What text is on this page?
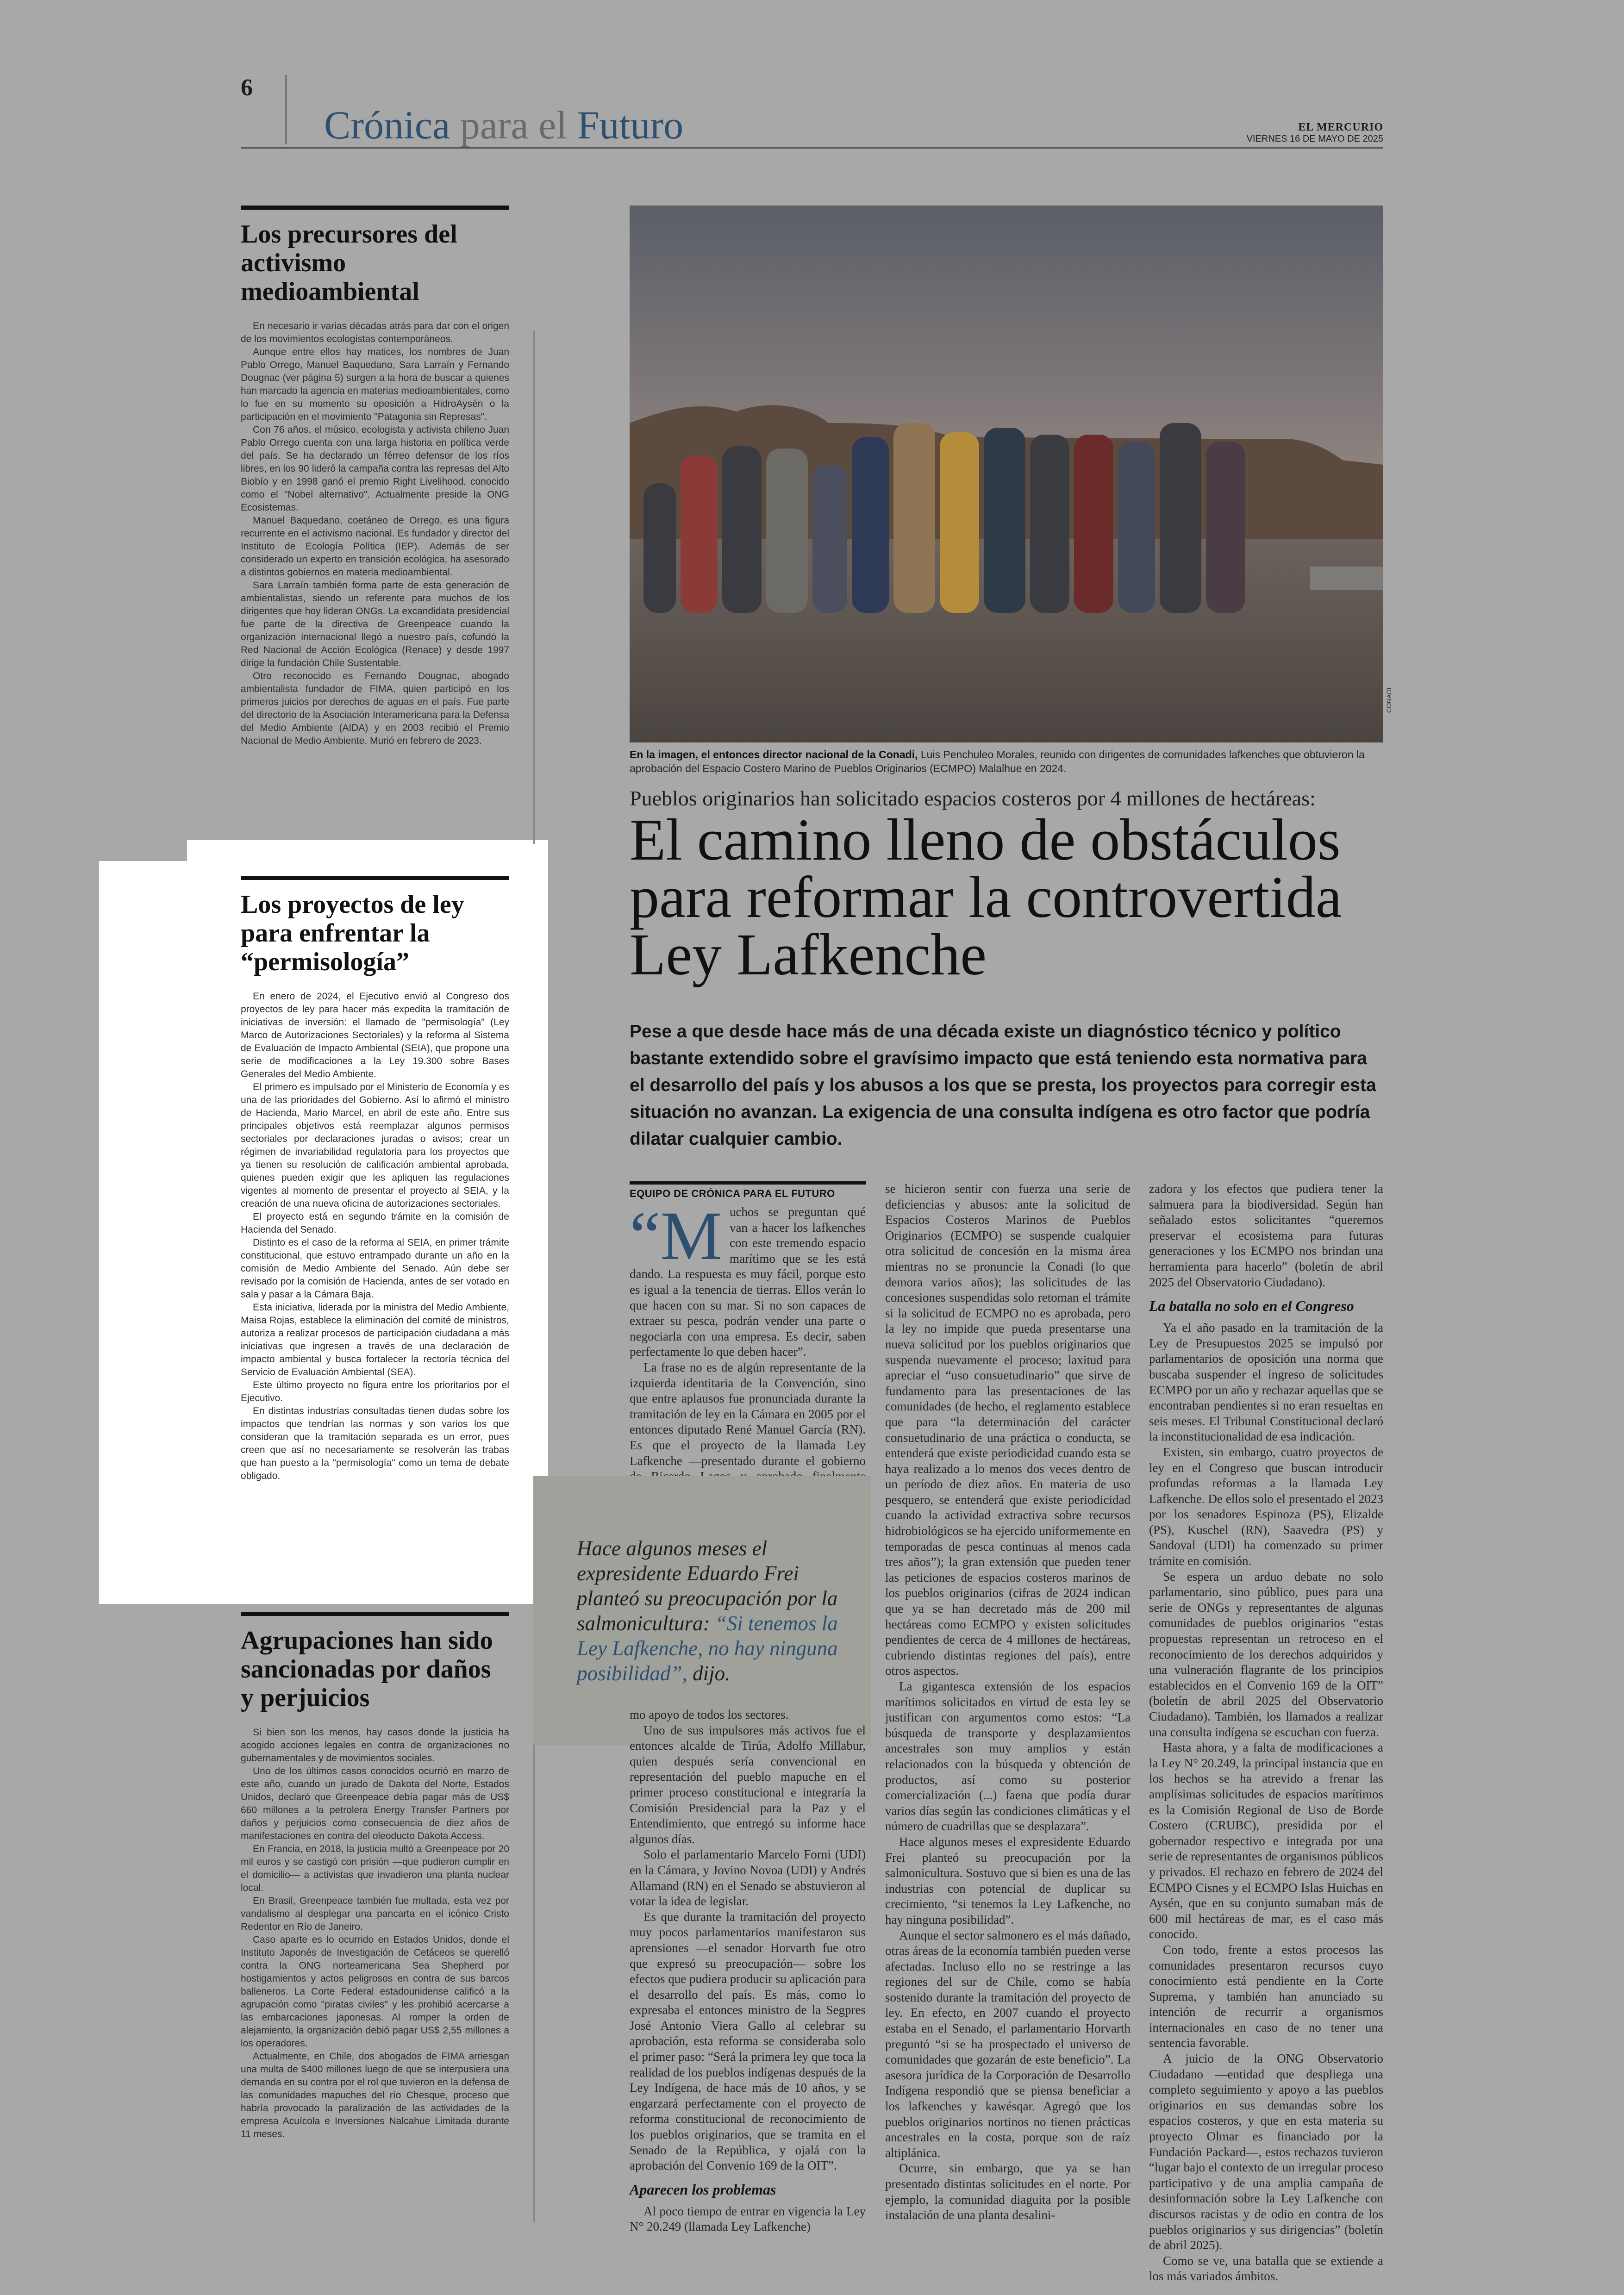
6
Crónica para el Futuro	EL MERCURIO
VIERNES 16 DE MAYO DE 2025
Los precursores del activismo medioambiental

En necesario ir varias décadas atrás para dar con el origen de los movimientos ecologistas contemporáneos.

Aunque entre ellos hay matices, los nombres de Juan Pablo Orrego, Manuel Baquedano, Sara Larraín y Fernando Dougnac (ver página 5) surgen a la hora de buscar a quienes han marcado la agencia en materias medioambientales, como lo fue en su momento su oposición a HidroAysén o la participación en el movimiento "Patagonia sin Represas".

Con 76 años, el músico, ecologista y activista chileno Juan Pablo Orrego cuenta con una larga historia en política verde del país. Se ha declarado un férreo defensor de los ríos libres, en los 90 lideró la campaña contra las represas del Alto Biobío y en 1998 ganó el premio Right Livelihood, conocido como el "Nobel alternativo". Actualmente preside la ONG Ecosistemas.

Manuel Baquedano, coetáneo de Orrego, es una figura recurrente en el activismo nacional. Es fundador y director del Instituto de Ecología Política (IEP). Además de ser considerado un experto en transición ecológica, ha asesorado a distintos gobiernos en materia medioambiental.

Sara Larraín también forma parte de esta generación de ambientalistas, siendo un referente para muchos de los dirigentes que hoy lideran ONGs. La excandidata presidencial fue parte de la directiva de Greenpeace cuando la organización internacional llegó a nuestro país, cofundó la Red Nacional de Acción Ecológica (Renace) y desde 1997 dirige la fundación Chile Sustentable.

Otro reconocido es Fernando Dougnac, abogado ambientalista fundador de FIMA, quien participó en los primeros juicios por derechos de aguas en el país. Fue parte del directorio de la Asociación Interamericana para la Defensa del Medio Ambiente (AIDA) y en 2003 recibió el Premio Nacional de Medio Ambiente. Murió en febrero de 2023.

Los proyectos de ley para enfrentar la “permisología”

En enero de 2024, el Ejecutivo envió al Congreso dos proyectos de ley para hacer más expedita la tramitación de iniciativas de inversión: el llamado de "permisología" (Ley Marco de Autorizaciones Sectoriales) y la reforma al Sistema de Evaluación de Impacto Ambiental (SEIA), que propone una serie de modificaciones a la Ley 19.300 sobre Bases Generales del Medio Ambiente.

El primero es impulsado por el Ministerio de Economía y es una de las prioridades del Gobierno. Así lo afirmó el ministro de Hacienda, Mario Marcel, en abril de este año. Entre sus principales objetivos está reemplazar algunos permisos sectoriales por declaraciones juradas o avisos; crear un régimen de invariabilidad regulatoria para los proyectos que ya tienen su resolución de calificación ambiental aprobada, quienes pueden exigir que les apliquen las regulaciones vigentes al momento de presentar el proyecto al SEIA, y la creación de una nueva oficina de autorizaciones sectoriales.

El proyecto está en segundo trámite en la comisión de Hacienda del Senado.

Distinto es el caso de la reforma al SEIA, en primer trámite constitucional, que estuvo entrampado durante un año en la comisión de Medio Ambiente del Senado. Aún debe ser revisado por la comisión de Hacienda, antes de ser votado en sala y pasar a la Cámara Baja.

Esta iniciativa, liderada por la ministra del Medio Ambiente, Maisa Rojas, establece la eliminación del comité de ministros, autoriza a realizar procesos de participación ciudadana a más iniciativas que ingresen a través de una declaración de impacto ambiental y busca fortalecer la rectoría técnica del Servicio de Evaluación Ambiental (SEA).

Este último proyecto no figura entre los prioritarios por el Ejecutivo.

En distintas industrias consultadas tienen dudas sobre los impactos que tendrían las normas y son varios los que consideran que la tramitación separada es un error, pues creen que así no necesariamente se resolverán las trabas que han puesto a la "permisología" como un tema de debate obligado.

Agrupaciones han sido sancionadas por daños y perjuicios

Si bien son los menos, hay casos donde la justicia ha acogido acciones legales en contra de organizaciones no gubernamentales y de movimientos sociales.

Uno de los últimos casos conocidos ocurrió en marzo de este año, cuando un jurado de Dakota del Norte, Estados Unidos, declaró que Greenpeace debía pagar más de US$ 660 millones a la petrolera Energy Transfer Partners por daños y perjuicios como consecuencia de diez años de manifestaciones en contra del oleoducto Dakota Access.

En Francia, en 2018, la justicia multó a Greenpeace por 20 mil euros y se castigó con prisión —que pudieron cumplir en el domicilio— a activistas que invadieron una planta nuclear local.

En Brasil, Greenpeace también fue multada, esta vez por vandalismo al desplegar una pancarta en el icónico Cristo Redentor en Río de Janeiro.

Caso aparte es lo ocurrido en Estados Unidos, donde el Instituto Japonés de Investigación de Cetáceos se querelló contra la ONG norteamericana Sea Shepherd por hostigamientos y actos peligrosos en contra de sus barcos balleneros. La Corte Federal estadounidense calificó a la agrupación como "piratas civiles" y les prohibió acercarse a las embarcaciones japonesas. Al romper la orden de alejamiento, la organización debió pagar US$ 2,55 millones a los operadores.

Actualmente, en Chile, dos abogados de FIMA arriesgan una multa de $400 millones luego de que se interpusiera una demanda en su contra por el rol que tuvieron en la defensa de las comunidades mapuches del río Chesque, proceso que habría provocado la paralización de las actividades de la empresa Acuícola e Inversiones Nalcahue Limitada durante 11 meses.

CONADI
En la imagen, el entonces director nacional de la Conadi, Luis Penchuleo Morales, reunido con dirigentes de comunidades lafkenches que obtuvieron la aprobación del Espacio Costero Marino de Pueblos Originarios (ECMPO) Malalhue en 2024.
Pueblos originarios han solicitado espacios costeros por 4 millones de hectáreas:
El camino lleno de obstáculos para reformar la controvertida Ley Lafkenche
Pese a que desde hace más de una década existe un diagnóstico técnico y político bastante extendido sobre el gravísimo impacto que está teniendo esta normativa para el desarrollo del país y los abusos a los que se presta, los proyectos para corregir esta situación no avanzan. La exigencia de una consulta indígena es otro factor que podría dilatar cualquier cambio.
EQUIPO DE CRÓNICA PARA EL FUTURO
“M uchos se preguntan qué van a hacer los lafkenches con este tremendo espacio marítimo que se les está dando. La respuesta es muy fácil, porque esto es igual a la tenencia de tierras. Ellos verán lo que hacen con su mar. Si no son capaces de extraer su pesca, podrán vender una parte o negociarla con una empresa. Es decir, saben perfectamente lo que deben hacer”.

La frase no es de algún representante de la izquierda identitaria de la Convención, sino que entre aplausos fue pronunciada durante la tramitación de ley en la Cámara en 2005 por el entonces diputado René Manuel García (RN). Es que el proyecto de la llamada Ley Lafkenche —presentado durante el gobierno

Hace algunos meses el expresidente Eduardo Frei planteó su preocupación por la salmonicultura: “Si tenemos la Ley Lafkenche, no hay ninguna posibilidad”, dijo.

mo apoyo de todos los sectores.

Uno de sus impulsores más activos fue el entonces alcalde de Tirúa, Adolfo Millabur, quien después sería convencional en representación del pueblo mapuche en el primer proceso constitucional e integraría la Comisión Presidencial para la Paz y el Entendimiento, que entregó su informe hace algunos días.

Solo el parlamentario Marcelo Forni (UDI) en la Cámara, y Jovino Novoa (UDI) y Andrés Allamand (RN) en el Senado se abstuvieron al votar la idea de legislar.

Es que durante la tramitación del proyecto muy pocos parlamentarios manifestaron sus aprensiones —el senador Horvarth fue otro que expresó su preocupación— sobre los efectos que pudiera producir su aplicación para el desarrollo del país. Es más, como lo expresaba el entonces ministro de la Segpres José Antonio Viera Gallo al celebrar su aprobación, esta reforma se consideraba solo el primer paso: “Será la primera ley que toca la realidad de los pueblos indígenas después de la Ley Indígena, de hace más de 10 años, y se engarzará perfectamente con el proyecto de reforma constitucional de reconocimiento de los pueblos originarios, que se tramita en el Senado de la República, y ojalá con la aprobación del Convenio 169 de la OIT”.

Aparecen los problemas

Al poco tiempo de entrar en vigencia la Ley N° 20.249 (llamada Ley Lafkenche)

se hicieron sentir con fuerza una serie de deficiencias y abusos: ante la solicitud de Espacios Costeros Marinos de Pueblos Originarios (ECMPO) se suspende cualquier otra solicitud de concesión en la misma área mientras no se pronuncie la Conadi (lo que demora varios años); las solicitudes de las concesiones suspendidas solo retoman el trámite si la solicitud de ECMPO no es aprobada, pero la ley no impide que pueda presentarse una nueva solicitud por los pueblos originarios que suspenda nuevamente el proceso; laxitud para apreciar el “uso consuetudinario” que sirve de fundamento para las presentaciones de las comunidades (de hecho, el reglamento establece que para “la determinación del carácter consuetudinario de una práctica o conducta, se entenderá que existe periodicidad cuando esta se haya realizado a lo menos dos veces dentro de un período de diez años. En materia de uso pesquero, se entenderá que existe periodicidad cuando la actividad extractiva sobre recursos hidrobiológicos se ha ejercido uniformemente en temporadas de pesca continuas al menos cada tres años”); la gran extensión que pueden tener las peticiones de espacios costeros marinos de los pueblos originarios (cifras de 2024 indican que ya se han decretado más de 200 mil hectáreas como ECMPO y existen solicitudes pendientes de cerca de 4 millones de hectáreas, cubriendo distintas regiones del país), entre otros aspectos.

La gigantesca extensión de los espacios marítimos solicitados en virtud de esta ley se justifican con argumentos como estos: “La búsqueda de transporte y desplazamientos ancestrales son muy amplios y están relacionados con la búsqueda y obtención de productos, así como su posterior comercialización (...) faena que podía durar varios días según las condiciones climáticas y el número de cuadrillas que se desplazara”.

Hace algunos meses el expresidente Eduardo Frei planteó su preocupación por la salmonicultura. Sostuvo que si bien es una de las industrias con potencial de duplicar su crecimiento, “si tenemos la Ley Lafkenche, no hay ninguna posibilidad”.

Aunque el sector salmonero es el más dañado, otras áreas de la economía también pueden verse afectadas. Incluso ello no se restringe a las regiones del sur de Chile, como se había sostenido durante la tramitación del proyecto de ley. En efecto, en 2007 cuando el proyecto estaba en el Senado, el parlamentario Horvarth preguntó “si se ha prospectado el universo de comunidades que gozarán de este beneficio”. La asesora jurídica de la Corporación de Desarrollo Indígena respondió que se piensa beneficiar a los lafkenches y kawésqar. Agregó que los pueblos originarios nortinos no tienen prácticas ancestrales en la costa, porque son de raíz altiplánica.

Ocurre, sin embargo, que ya se han presentado distintas solicitudes en el norte. Por ejemplo, la comunidad diaguita por la posible instalación de una planta desalini-

zadora y los efectos que pudiera tener la salmuera para la biodiversidad. Según han señalado estos solicitantes “queremos preservar el ecosistema para futuras generaciones y los ECMPO nos brindan una herramienta para hacerlo” (boletín de abril 2025 del Observatorio Ciudadano).

La batalla no solo en el Congreso

Ya el año pasado en la tramitación de la Ley de Presupuestos 2025 se impulsó por parlamentarios de oposición una norma que buscaba suspender el ingreso de solicitudes ECMPO por un año y rechazar aquellas que se encontraban pendientes si no eran resueltas en seis meses. El Tribunal Constitucional declaró la inconstitucionalidad de esa indicación.

Existen, sin embargo, cuatro proyectos de ley en el Congreso que buscan introducir profundas reformas a la llamada Ley Lafkenche. De ellos solo el presentado el 2023 por los senadores Espinoza (PS), Elizalde (PS), Kuschel (RN), Saavedra (PS) y Sandoval (UDI) ha comenzado su primer trámite en comisión.

Se espera un arduo debate no solo parlamentario, sino público, pues para una serie de ONGs y representantes de algunas comunidades de pueblos originarios “estas propuestas representan un retroceso en el reconocimiento de los derechos adquiridos y una vulneración flagrante de los principios establecidos en el Convenio 169 de la OIT” (boletín de abril 2025 del Observatorio Ciudadano). También, los llamados a realizar una consulta indígena se escuchan con fuerza.

Hasta ahora, y a falta de modificaciones a la Ley N° 20.249, la principal instancia que en los hechos se ha atrevido a frenar las amplísimas solicitudes de espacios marítimos es la Comisión Regional de Uso de Borde Costero (CRUBC), presidida por el gobernador respectivo e integrada por una serie de representantes de organismos públicos y privados. El rechazo en febrero de 2024 del ECMPO Cisnes y el ECMPO Islas Huichas en Aysén, que en su conjunto sumaban más de 600 mil hectáreas de mar, es el caso más conocido.

Con todo, frente a estos procesos las comunidades presentaron recursos cuyo conocimiento está pendiente en la Corte Suprema, y también han anunciado su intención de recurrir a organismos internacionales en caso de no tener una sentencia favorable.

A juicio de la ONG Observatorio Ciudadano —entidad que despliega una completo seguimiento y apoyo a las pueblos originarios en sus demandas sobre los espacios costeros, y que en esta materia su proyecto Olmar es financiado por la Fundación Packard—, estos rechazos tuvieron “lugar bajo el contexto de un irregular proceso participativo y de una amplia campaña de desinformación sobre la Ley Lafkenche con discursos racistas y de odio en contra de los pueblos originarios y sus dirigencias” (boletín de abril 2025).

Como se ve, una batalla que se extiende a los más variados ámbitos.
